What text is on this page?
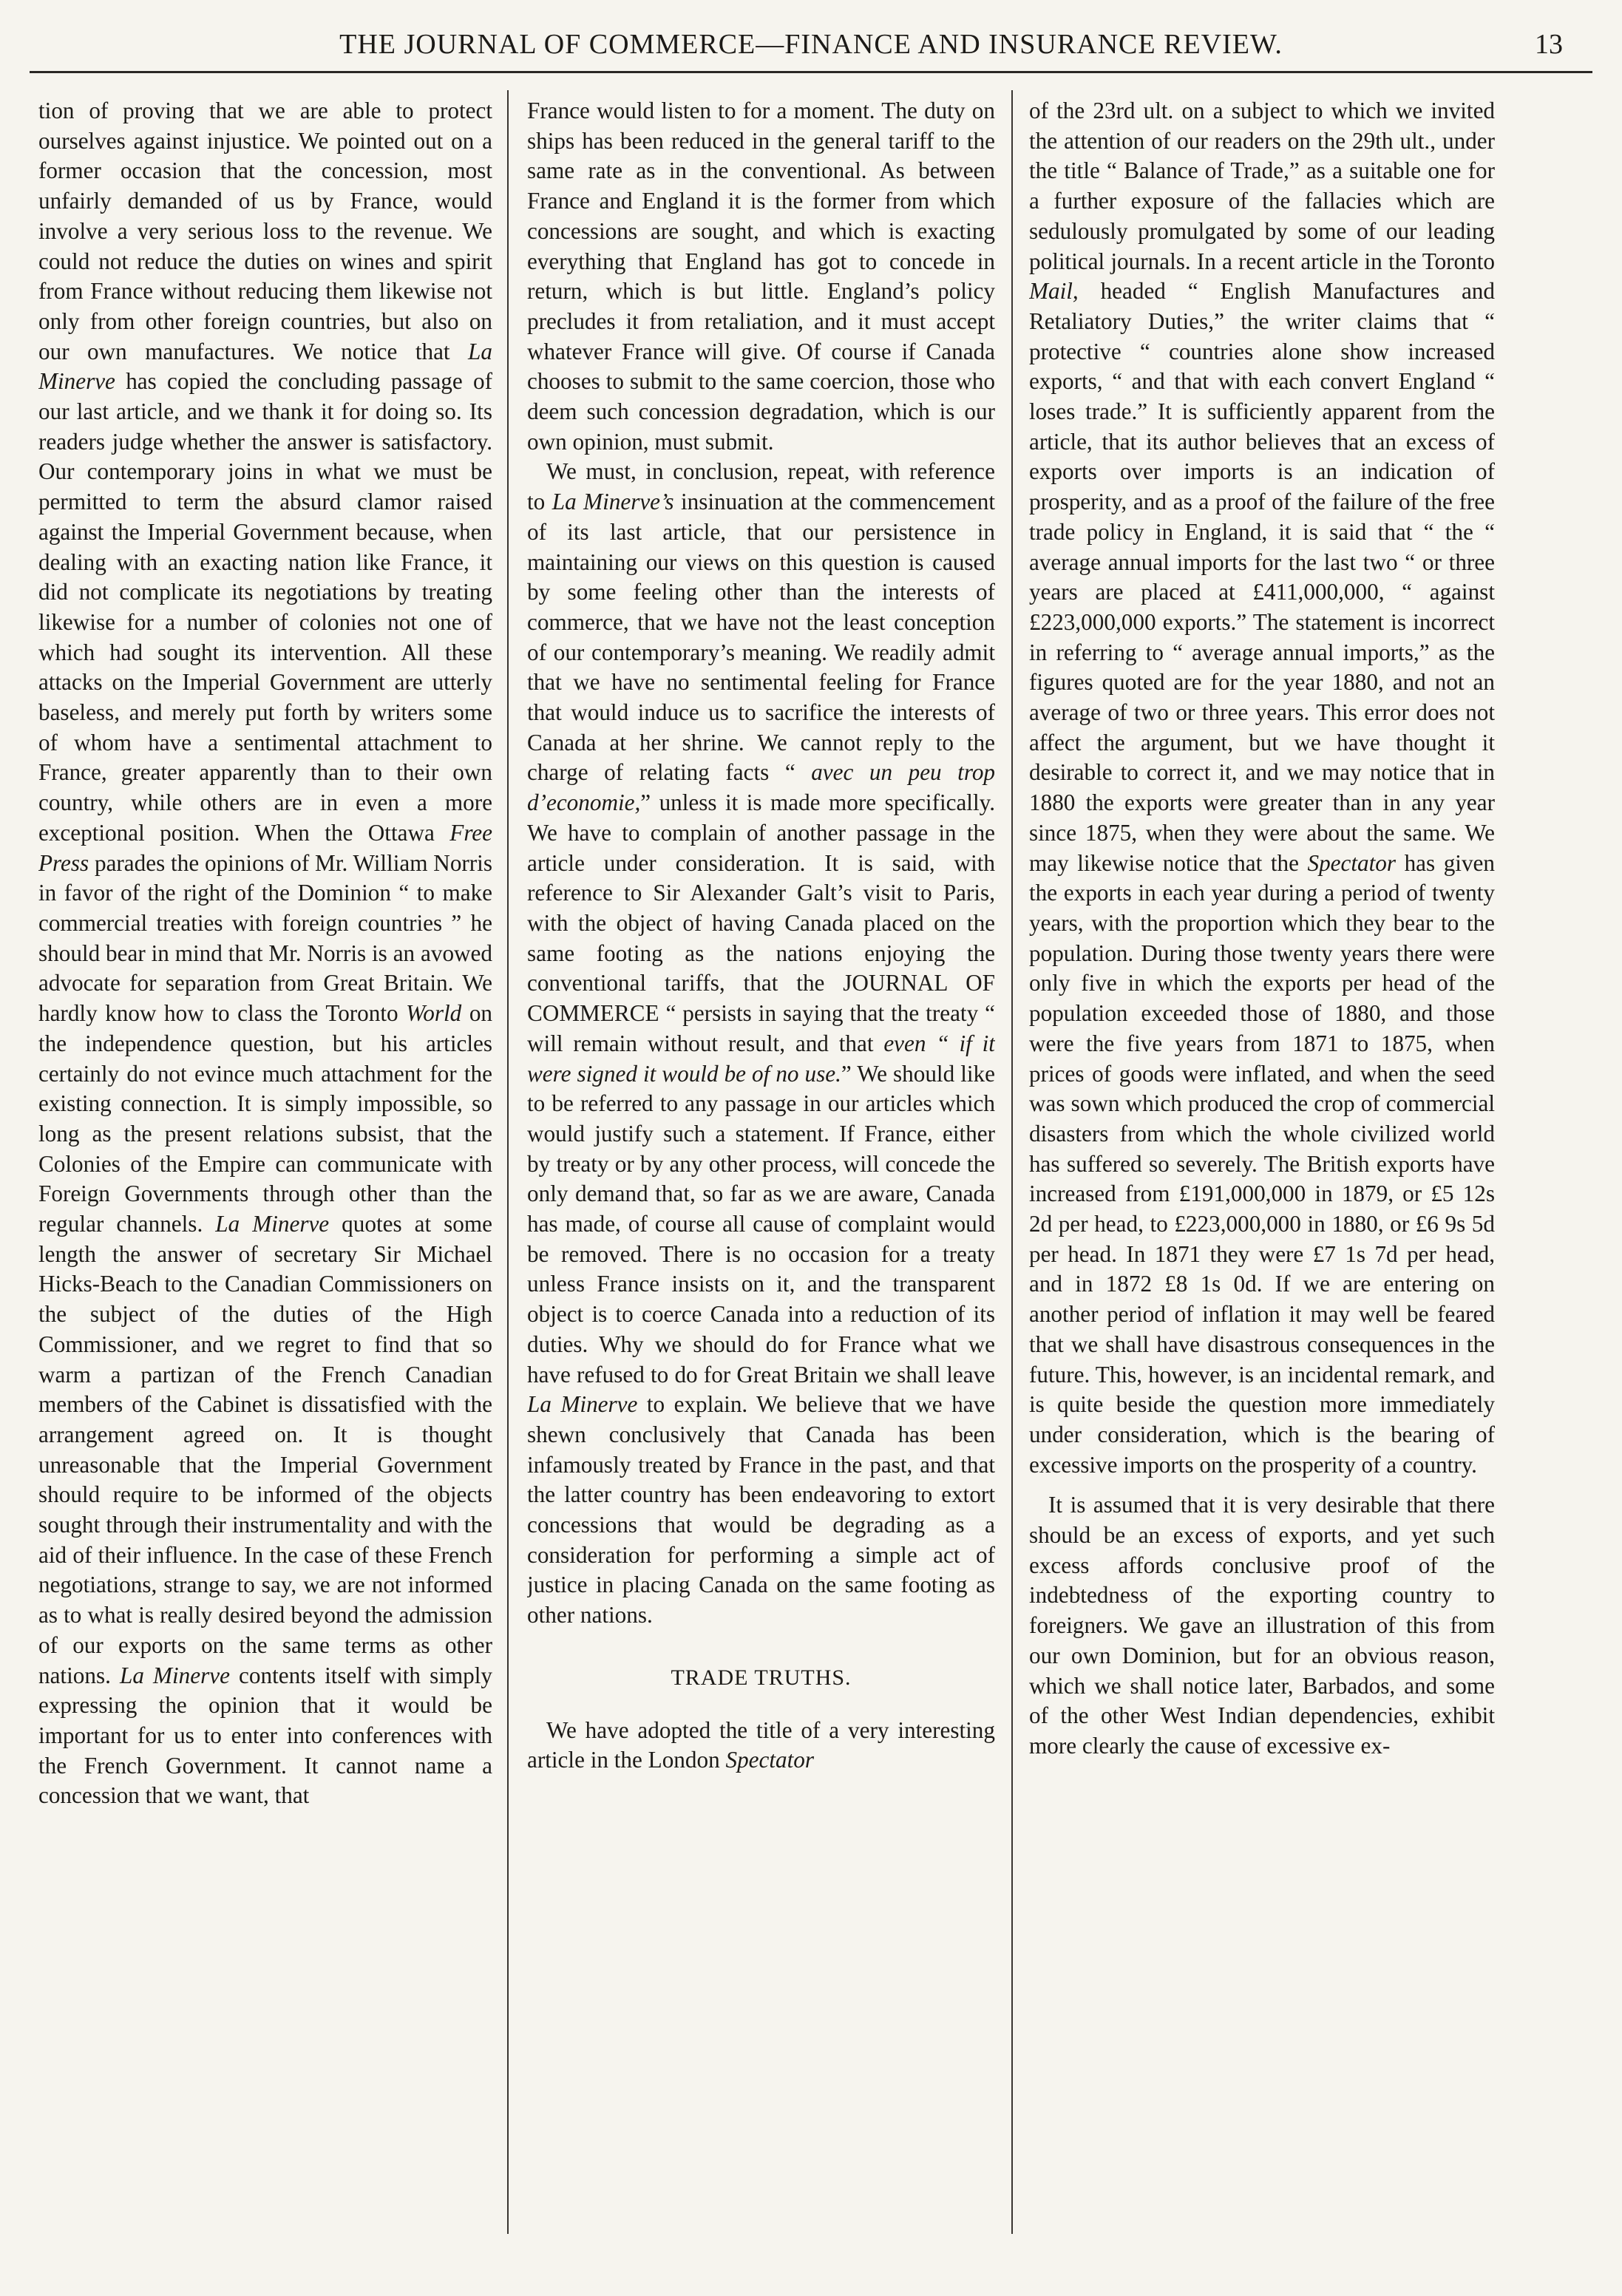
THE JOURNAL OF COMMERCE—FINANCE AND INSURANCE REVIEW.	13

tion of proving that we are able to protect ourselves against injustice. We pointed out on a former occasion that the concession, most unfairly demanded of us by France, would involve a very serious loss to the revenue. We could not reduce the duties on wines and spirit from France without reducing them likewise not only from other foreign countries, but also on our own manufactures. We notice that La Minerve has copied the concluding passage of our last article, and we thank it for doing so. Its readers judge whether the answer is satisfactory. Our contemporary joins in what we must be permitted to term the absurd clamor raised against the Imperial Government because, when dealing with an exacting nation like France, it did not complicate its negotiations by treating likewise for a number of colonies not one of which had sought its intervention. All these attacks on the Imperial Government are utterly baseless, and merely put forth by writers some of whom have a sentimental attachment to France, greater apparently than to their own country, while others are in even a more exceptional position. When the Ottawa Free Press parades the opinions of Mr. William Norris in favor of the right of the Dominion “ to make commercial treaties with foreign countries ” he should bear in mind that Mr. Norris is an avowed advocate for separation from Great Britain. We hardly know how to class the Toronto World on the independence question, but his articles certainly do not evince much attachment for the existing connection. It is simply impossible, so long as the present relations subsist, that the Colonies of the Empire can communicate with Foreign Governments through other than the regular channels. La Minerve quotes at some length the answer of secretary Sir Michael Hicks-Beach to the Canadian Commissioners on the subject of the duties of the High Commissioner, and we regret to find that so warm a partizan of the French Canadian members of the Cabinet is dissatisfied with the arrangement agreed on. It is thought unreasonable that the Imperial Government should require to be informed of the objects sought through their instrumentality and with the aid of their influence. In the case of these French negotiations, strange to say, we are not informed as to what is really desired beyond the admission of our exports on the same terms as other nations. La Minerve contents itself with simply expressing the opinion that it would be important for us to enter into conferences with the French Government. It cannot name a concession that we want, that

France would listen to for a moment. The duty on ships has been reduced in the general tariff to the same rate as in the conventional. As between France and England it is the former from which concessions are sought, and which is exacting everything that England has got to concede in return, which is but little. England’s policy precludes it from retaliation, and it must accept whatever France will give. Of course if Canada chooses to submit to the same coercion, those who deem such concession degradation, which is our own opinion, must submit.

We must, in conclusion, repeat, with reference to La Minerve’s insinuation at the commencement of its last article, that our persistence in maintaining our views on this question is caused by some feeling other than the interests of commerce, that we have not the least conception of our contemporary’s meaning. We readily admit that we have no sentimental feeling for France that would induce us to sacrifice the interests of Canada at her shrine. We cannot reply to the charge of relating facts “ avec un peu trop d’economie,” unless it is made more specifically. We have to complain of another passage in the article under consideration. It is said, with reference to Sir Alexander Galt’s visit to Paris, with the object of having Canada placed on the same footing as the nations enjoying the conventional tariffs, that the JOURNAL OF COMMERCE “ persists in saying that the treaty “ will remain without result, and that even “ if it were signed it would be of no use.” We should like to be referred to any passage in our articles which would justify such a statement. If France, either by treaty or by any other process, will concede the only demand that, so far as we are aware, Canada has made, of course all cause of complaint would be removed. There is no occasion for a treaty unless France insists on it, and the transparent object is to coerce Canada into a reduction of its duties. Why we should do for France what we have refused to do for Great Britain we shall leave La Minerve to explain. We believe that we have shewn conclusively that Canada has been infamously treated by France in the past, and that the latter country has been endeavoring to extort concessions that would be degrading as a consideration for performing a simple act of justice in placing Canada on the same footing as other nations.

TRADE TRUTHS.

We have adopted the title of a very interesting article in the London Spectator

of the 23rd ult. on a subject to which we invited the attention of our readers on the 29th ult., under the title “ Balance of Trade,” as a suitable one for a further exposure of the fallacies which are sedulously promulgated by some of our leading political journals. In a recent article in the Toronto Mail, headed “ English Manufactures and Retaliatory Duties,” the writer claims that “ protective “ countries alone show increased exports, “ and that with each convert England “ loses trade.” It is sufficiently apparent from the article, that its author believes that an excess of exports over imports is an indication of prosperity, and as a proof of the failure of the free trade policy in England, it is said that “ the “ average annual imports for the last two “ or three years are placed at £411,000,000, “ against £223,000,000 exports.” The statement is incorrect in referring to “ average annual imports,” as the figures quoted are for the year 1880, and not an average of two or three years. This error does not affect the argument, but we have thought it desirable to correct it, and we may notice that in 1880 the exports were greater than in any year since 1875, when they were about the same. We may likewise notice that the Spectator has given the exports in each year during a period of twenty years, with the proportion which they bear to the population. During those twenty years there were only five in which the exports per head of the population exceeded those of 1880, and those were the five years from 1871 to 1875, when prices of goods were inflated, and when the seed was sown which produced the crop of commercial disasters from which the whole civilized world has suffered so severely. The British exports have increased from £191,000,000 in 1879, or £5 12s 2d per head, to £223,000,000 in 1880, or £6 9s 5d per head. In 1871 they were £7 1s 7d per head, and in 1872 £8 1s 0d. If we are entering on another period of inflation it may well be feared that we shall have disastrous consequences in the future. This, however, is an incidental remark, and is quite beside the question more immediately under consideration, which is the bearing of excessive imports on the prosperity of a country.

It is assumed that it is very desirable that there should be an excess of exports, and yet such excess affords conclusive proof of the indebtedness of the exporting country to foreigners. We gave an illustration of this from our own Dominion, but for an obvious reason, which we shall notice later, Barbados, and some of the other West Indian dependencies, exhibit more clearly the cause of excessive ex-
